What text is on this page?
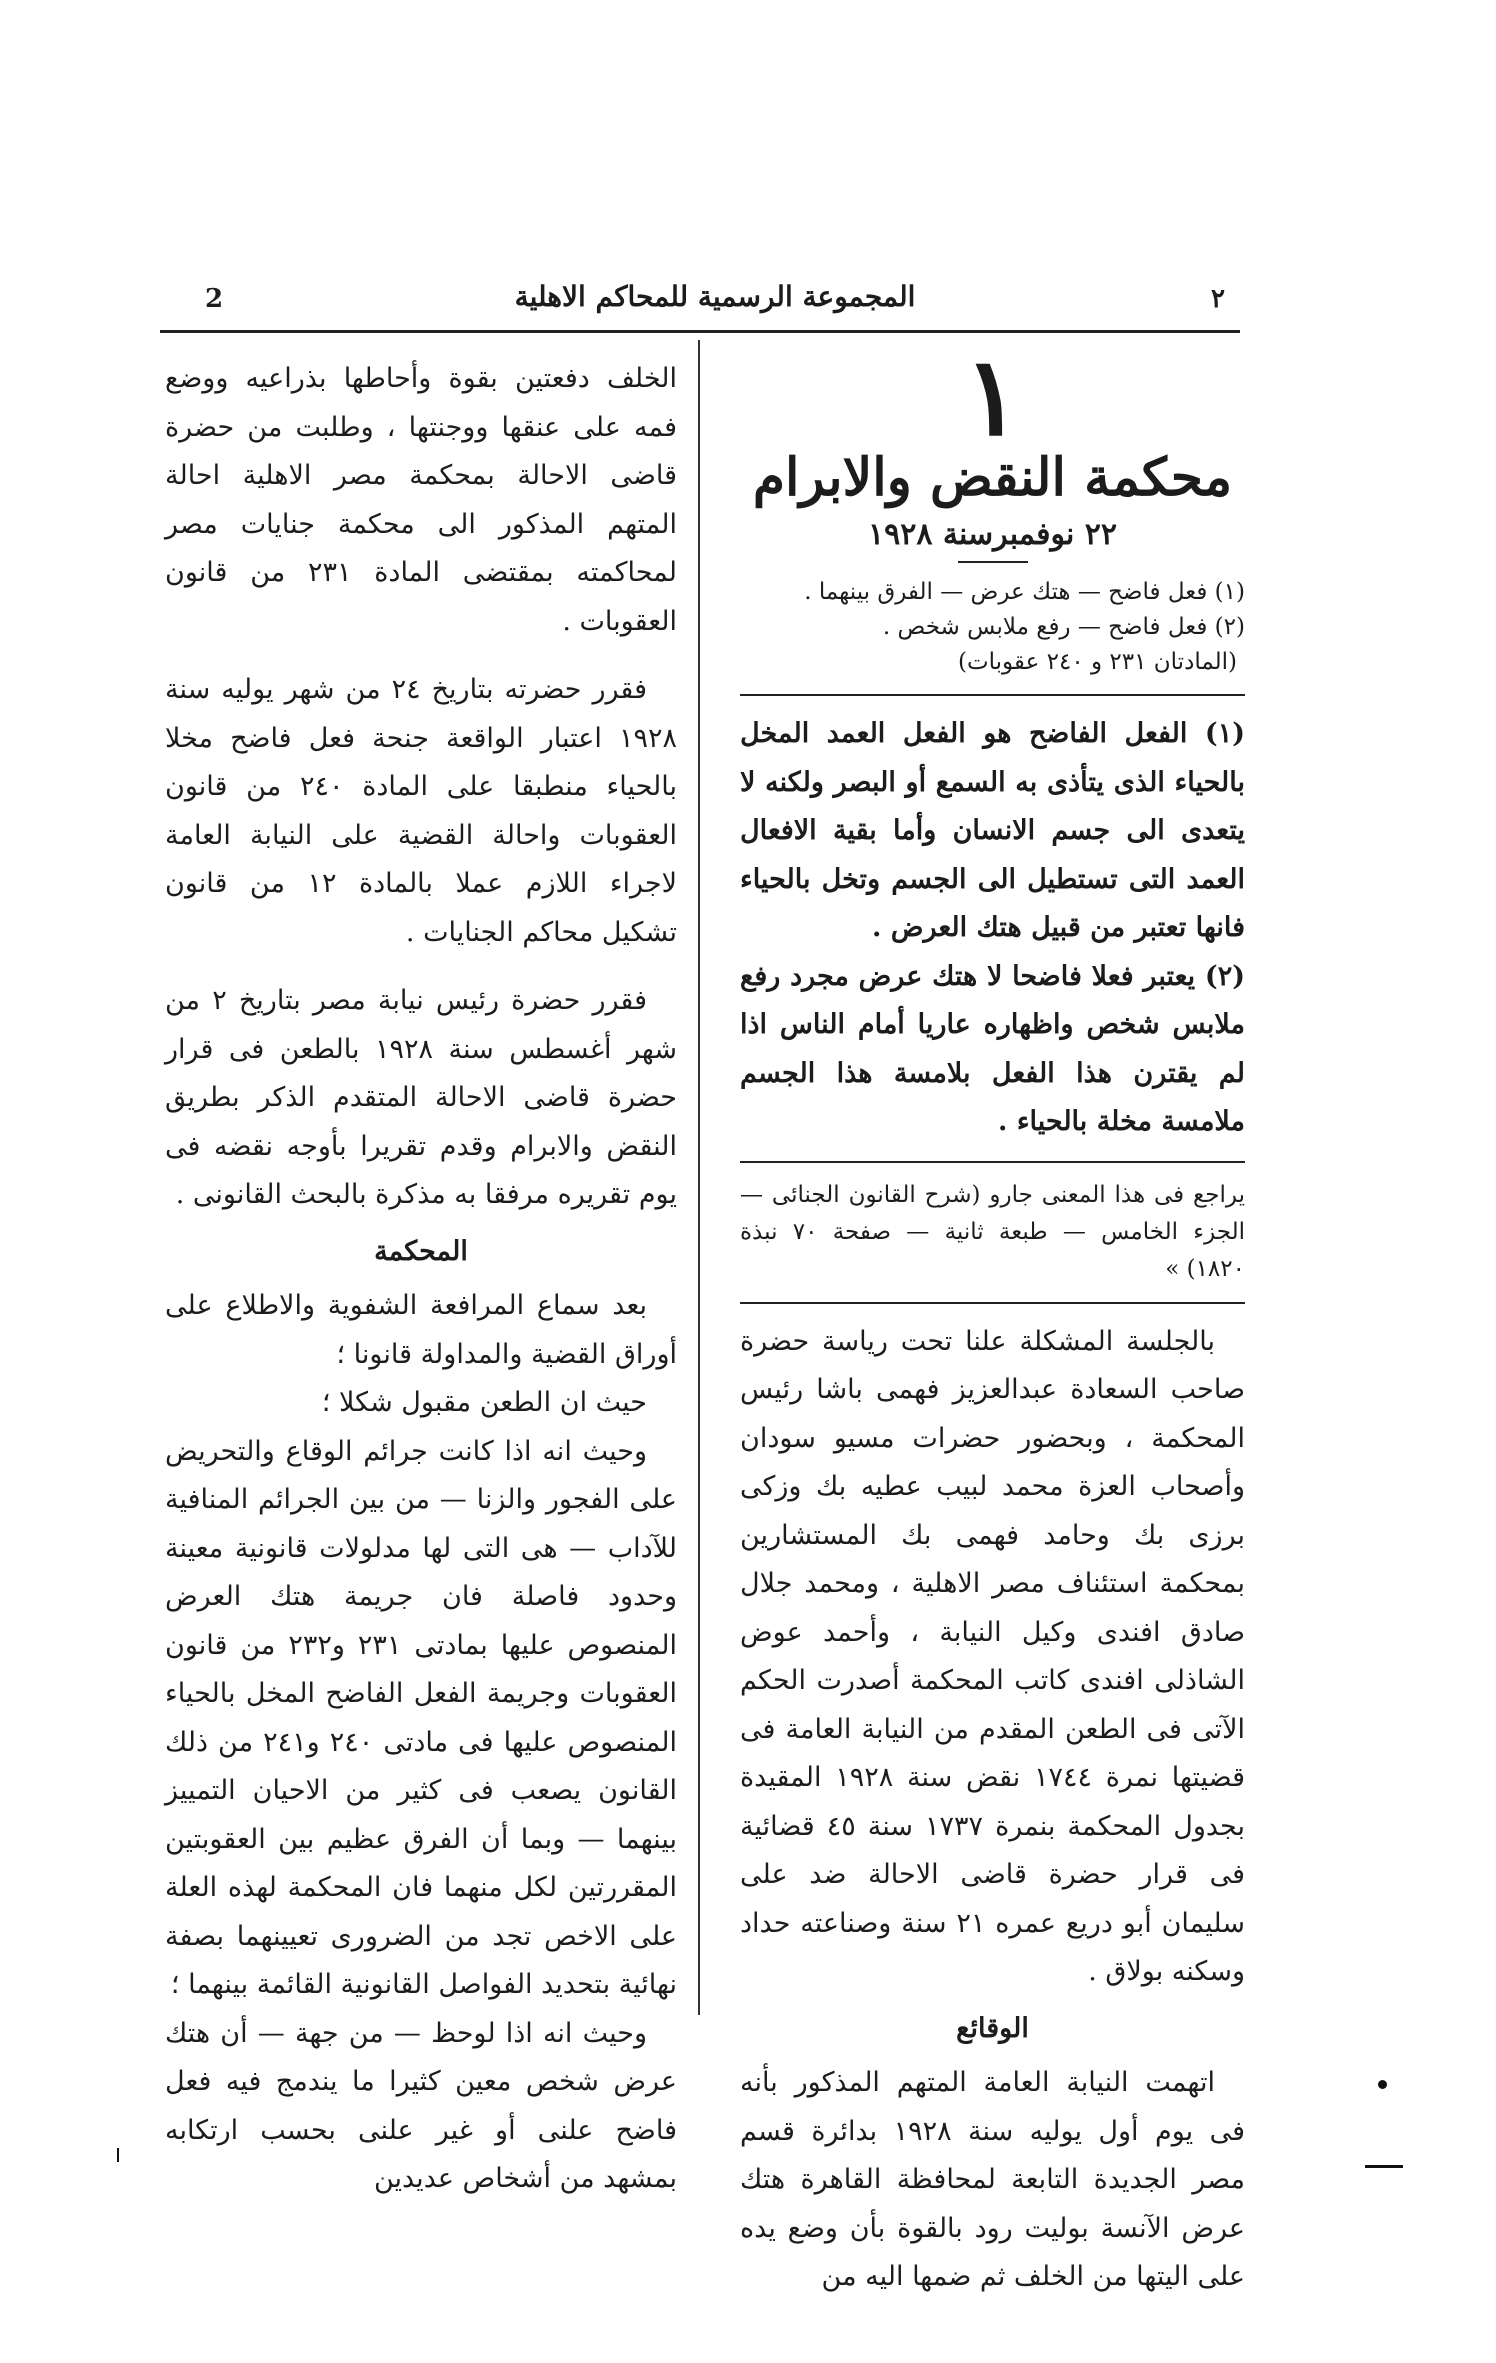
2	المجموعة الرسمية للمحاكم الاهلية	٢
١
محكمة النقض والابرام
٢٢ نوفمبرسنة ١٩٢٨

(١) فعل فاضح — هتك عرض — الفرق بينهما .

(٢) فعل فاضح — رفع ملابس شخص .

(المادتان ٢٣١ و ٢٤٠ عقوبات)

(١) الفعل الفاضح هو الفعل العمد المخل بالحياء الذى يتأذى به السمع أو البصر ولكنه لا يتعدى الى جسم الانسان وأما بقية الافعال العمد التى تستطيل الى الجسم وتخل بالحياء فانها تعتبر من قبيل هتك العرض .

(٢) يعتبر فعلا فاضحا لا هتك عرض مجرد رفع ملابس شخص واظهاره عاريا أمام الناس اذا لم يقترن هذا الفعل بلامسة هذا الجسم ملامسة مخلة بالحياء .

يراجع فى هذا المعنى جارو (شرح القانون الجنائى — الجزء الخامس — طبعة ثانية — صفحة ٧٠ نبذة ١٨٢٠) »

بالجلسة المشكلة علنا تحت رياسة حضرة صاحب السعادة عبدالعزيز فهمى باشا رئيس المحكمة ، وبحضور حضرات مسيو سودان وأصحاب العزة محمد لبيب عطيه بك وزكى برزى بك وحامد فهمى بك المستشارين بمحكمة استئناف مصر الاهلية ، ومحمد جلال صادق افندى وكيل النيابة ، وأحمد عوض الشاذلى افندى كاتب المحكمة أصدرت الحكم الآتى فى الطعن المقدم من النيابة العامة فى قضيتها نمرة ١٧٤٤ نقض سنة ١٩٢٨ المقيدة بجدول المحكمة بنمرة ١٧٣٧ سنة ٤٥ قضائية فى قرار حضرة قاضى الاحالة ضد على سليمان أبو دريع عمره ٢١ سنة وصناعته حداد وسكنه بولاق .

الوقائع

اتهمت النيابة العامة المتهم المذكور بأنه فى يوم أول يوليه سنة ١٩٢٨ بدائرة قسم مصر الجديدة التابعة لمحافظة القاهرة هتك عرض الآنسة بوليت رود بالقوة بأن وضع يده على اليتها من الخلف ثم ضمها اليه من

الخلف دفعتين بقوة وأحاطها بذراعيه ووضع فمه على عنقها ووجنتها ، وطلبت من حضرة قاضى الاحالة بمحكمة مصر الاهلية احالة المتهم المذكور الى محكمة جنايات مصر لمحاكمته بمقتضى المادة ٢٣١ من قانون العقوبات .

فقرر حضرته بتاريخ ٢٤ من شهر يوليه سنة ١٩٢٨ اعتبار الواقعة جنحة فعل فاضح مخلا بالحياء منطبقا على المادة ٢٤٠ من قانون العقوبات واحالة القضية على النيابة العامة لاجراء اللازم عملا بالمادة ١٢ من قانون تشكيل محاكم الجنايات .

فقرر حضرة رئيس نيابة مصر بتاريخ ٢ من شهر أغسطس سنة ١٩٢٨ بالطعن فى قرار حضرة قاضى الاحالة المتقدم الذكر بطريق النقض والابرام وقدم تقريرا بأوجه نقضه فى يوم تقريره مرفقا به مذكرة بالبحث القانونى .

المحكمة

بعد سماع المرافعة الشفوية والاطلاع على أوراق القضية والمداولة قانونا ؛

حيث ان الطعن مقبول شكلا ؛

وحيث انه اذا كانت جرائم الوقاع والتحريض على الفجور والزنا — من بين الجرائم المنافية للآداب — هى التى لها مدلولات قانونية معينة وحدود فاصلة فان جريمة هتك العرض المنصوص عليها بمادتى ٢٣١ و٢٣٢ من قانون العقوبات وجريمة الفعل الفاضح المخل بالحياء المنصوص عليها فى مادتى ٢٤٠ و٢٤١ من ذلك القانون يصعب فى كثير من الاحيان التمييز بينهما — وبما أن الفرق عظيم بين العقوبتين المقررتين لكل منهما فان المحكمة لهذه العلة على الاخص تجد من الضرورى تعيينهما بصفة نهائية بتحديد الفواصل القانونية القائمة بينهما ؛

وحيث انه اذا لوحظ — من جهة — أن هتك عرض شخص معين كثيرا ما يندمج فيه فعل فاضح علنى أو غير علنى بحسب ارتكابه بمشهد من أشخاص عديدين
